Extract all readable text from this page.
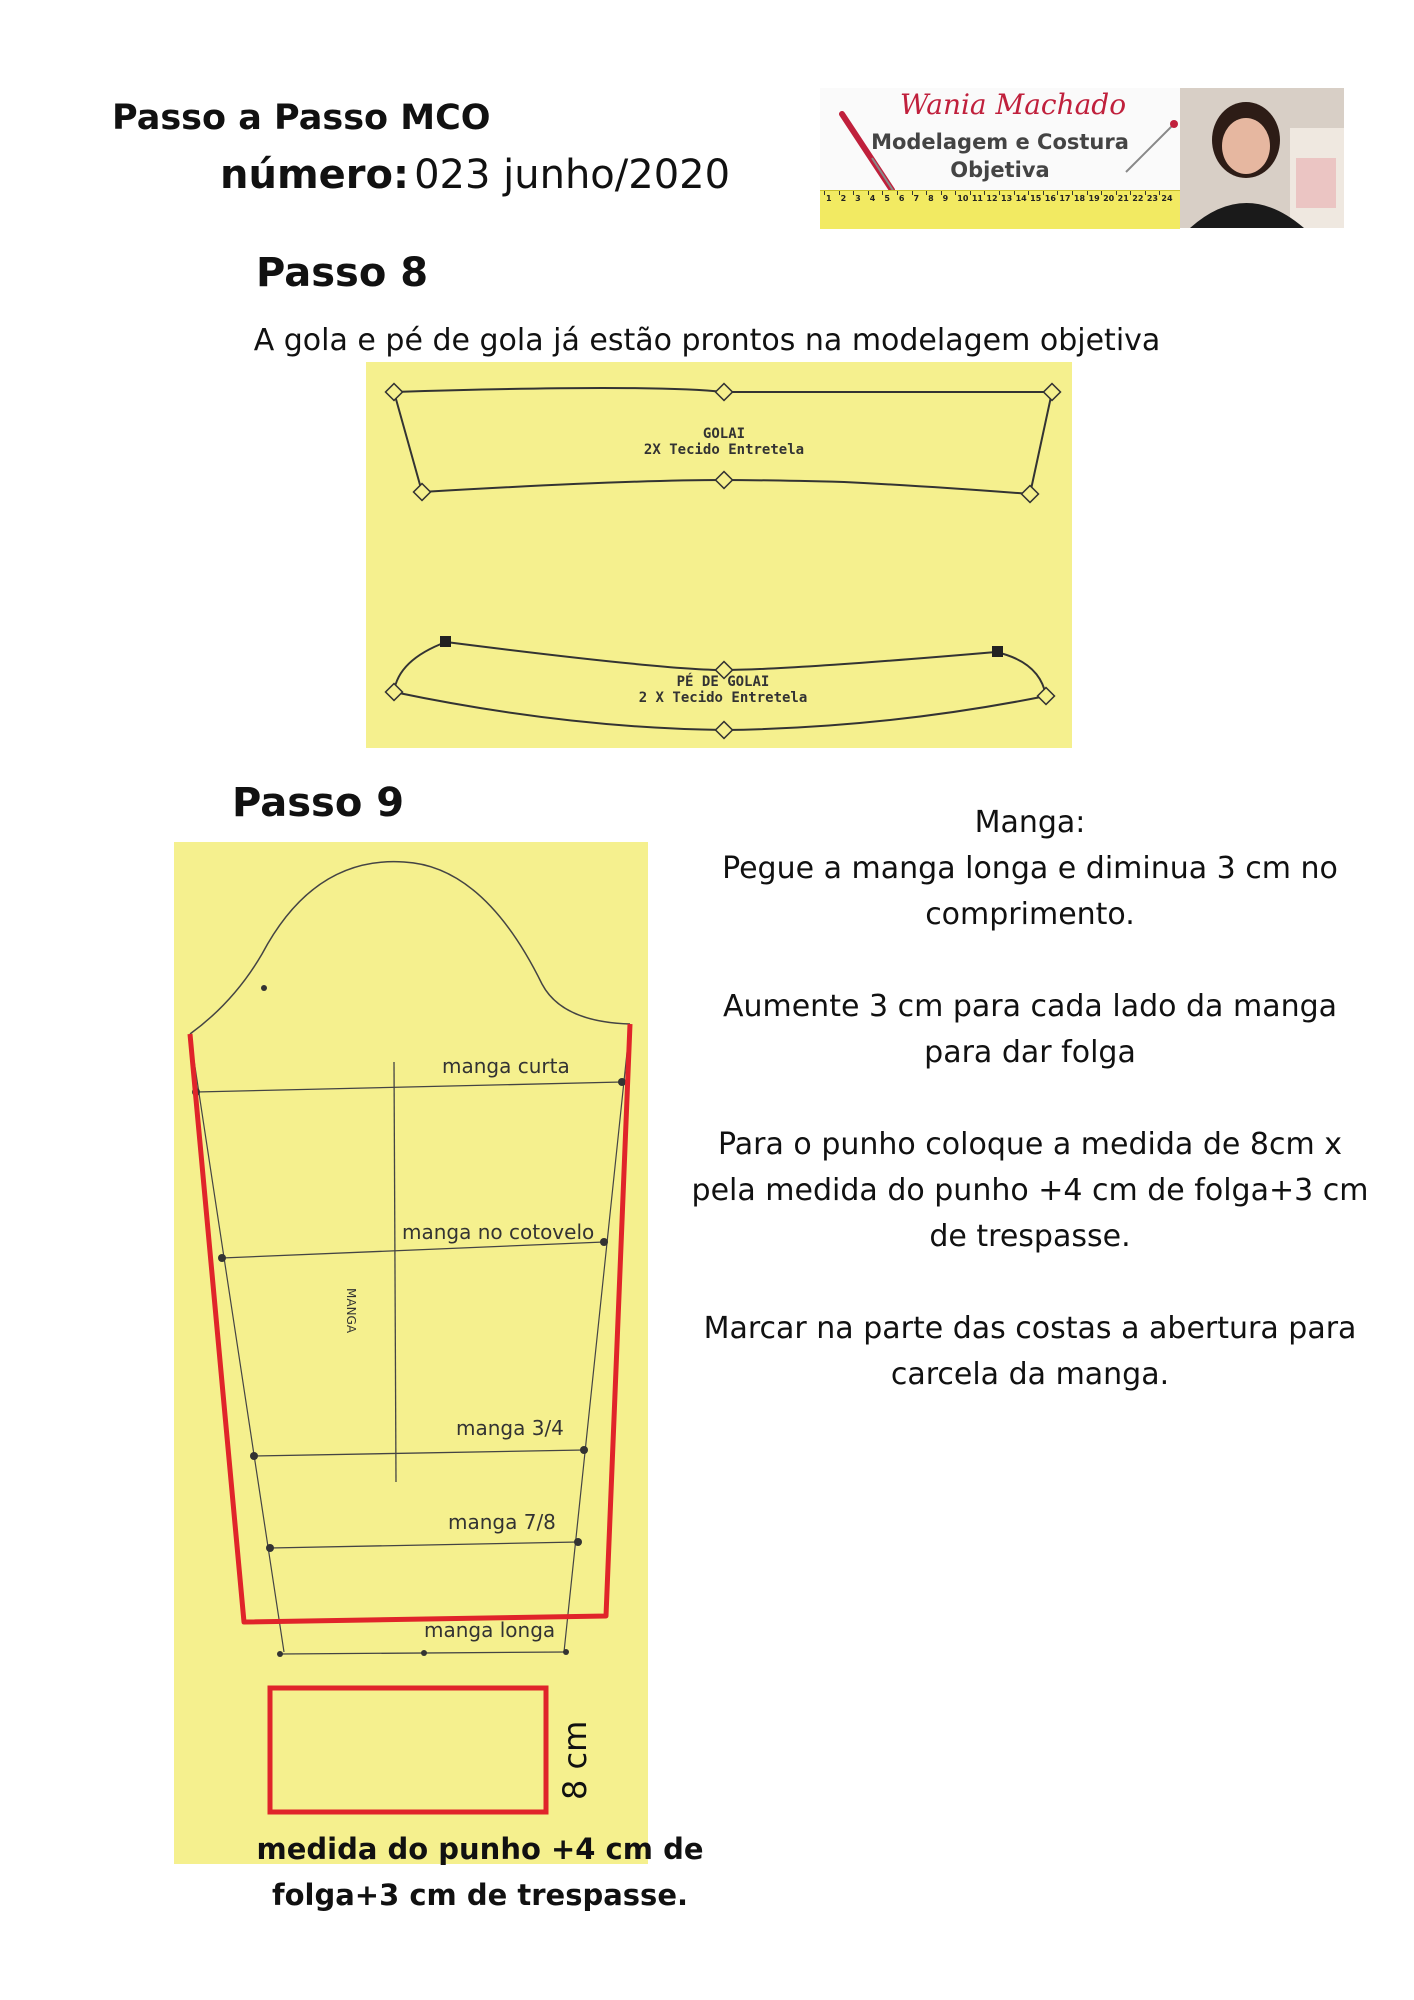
Passo a Passo MCO
número: 023 junho/2020
Wania Machado
Modelagem e Costura
Objetiva
1 2 3 4 5 6 7 8 9 10 11 12 13 14 15 16 17 18 19 20 21 22 23 24
Passo 8
A gola e pé de gola já estão prontos na modelagem objetiva
GOLAI
2X Tecido Entretela
PÉ DE GOLAI
2 X Tecido Entretela
Passo 9
manga curta
manga no cotovelo
manga 3/4
manga 7/8
manga longa
MANGA
8 cm
medida do punho +4 cm de
folga+3 cm de trespasse.
Manga:
Pegue a manga longa e diminua 3 cm no
comprimento.
Aumente 3 cm para cada lado da manga
para dar folga
Para o punho coloque a medida de 8cm x
pela medida do punho +4 cm de folga+3 cm
de trespasse.
Marcar na parte das costas a abertura para
carcela da manga.
